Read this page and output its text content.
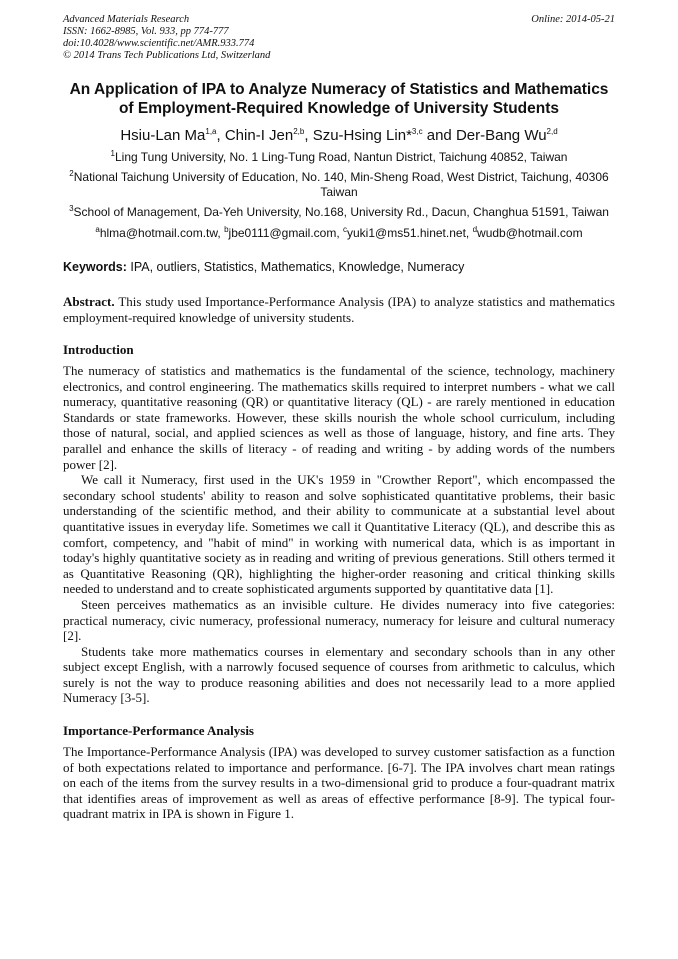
Advanced Materials Research
ISSN: 1662-8985, Vol. 933, pp 774-777
doi:10.4028/www.scientific.net/AMR.933.774
© 2014 Trans Tech Publications Ltd, Switzerland
Online: 2014-05-21
An Application of IPA to Analyze Numeracy of Statistics and Mathematics of Employment-Required Knowledge of University Students
Hsiu-Lan Ma$^{1,a}$, Chin-I Jen$^{2,b}$, Szu-Hsing Lin*$^{3,c}$ and Der-Bang Wu$^{2,d}$
$^1$Ling Tung University, No. 1 Ling-Tung Road, Nantun District, Taichung 40852, Taiwan
$^2$National Taichung University of Education, No. 140, Min-Sheng Road, West District, Taichung, 40306 Taiwan
$^3$School of Management, Da-Yeh University, No.168, University Rd., Dacun, Changhua 51591, Taiwan
$^a$hlma@hotmail.com.tw, $^b$jbe0111@gmail.com, $^c$yuki1@ms51.hinet.net, $^d$wudb@hotmail.com
Keywords: IPA, outliers, Statistics, Mathematics, Knowledge, Numeracy
Abstract. This study used Importance-Performance Analysis (IPA) to analyze statistics and mathematics employment-required knowledge of university students.
Introduction

The numeracy of statistics and mathematics is the fundamental of the science, technology, machinery electronics, and control engineering. The mathematics skills required to interpret numbers - what we call numeracy, quantitative reasoning (QR) or quantitative literacy (QL) - are rarely mentioned in education Standards or state frameworks. However, these skills nourish the whole school curriculum, including those of natural, social, and applied sciences as well as those of language, history, and fine arts. They parallel and enhance the skills of literacy - of reading and writing - by adding words of the numbers power [2].

We call it Numeracy, first used in the UK's 1959 in "Crowther Report", which encompassed the secondary school students' ability to reason and solve sophisticated quantitative problems, their basic understanding of the scientific method, and their ability to communicate at a substantial level about quantitative issues in everyday life. Sometimes we call it Quantitative Literacy (QL), and describe this as comfort, competency, and "habit of mind" in working with numerical data, which is as important in today's highly quantitative society as in reading and writing of previous generations. Still others termed it as Quantitative Reasoning (QR), highlighting the higher-order reasoning and critical thinking skills needed to understand and to create sophisticated arguments supported by quantitative data [1].

Steen perceives mathematics as an invisible culture. He divides numeracy into five categories: practical numeracy, civic numeracy, professional numeracy, numeracy for leisure and cultural numeracy [2].

Students take more mathematics courses in elementary and secondary schools than in any other subject except English, with a narrowly focused sequence of courses from arithmetic to calculus, which surely is not the way to produce reasoning abilities and does not necessarily lead to a more applied Numeracy [3-5].

Importance-Performance Analysis

The Importance-Performance Analysis (IPA) was developed to survey customer satisfaction as a function of both expectations related to importance and performance. [6-7]. The IPA involves chart mean ratings on each of the items from the survey results in a two-dimensional grid to produce a four-quadrant matrix that identifies areas of improvement as well as areas of effective performance [8-9]. The typical four-quadrant matrix in IPA is shown in Figure 1.
